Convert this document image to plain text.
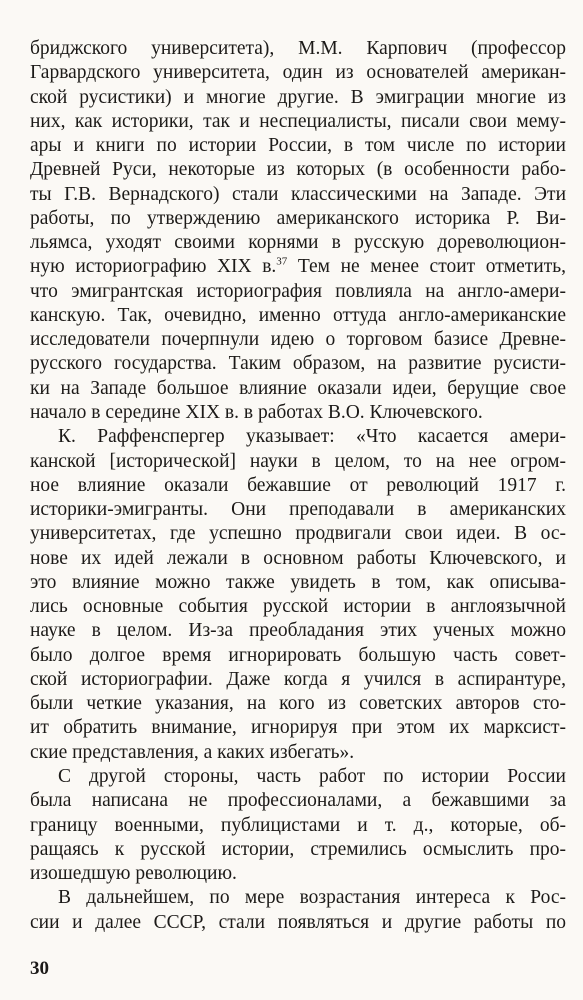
бриджского университета), М.М. Карпович (профессор
Гарвардского университета, один из основателей американ-
ской русистики) и многие другие. В эмиграции многие из
них, как историки, так и неспециалисты, писали свои мему-
ары и книги по истории России, в том числе по истории
Древней Руси, некоторые из которых (в особенности рабо-
ты Г.В. Вернадского) стали классическими на Западе. Эти
работы, по утверждению американского историка Р. Ви-
льямса, уходят своими корнями в русскую дореволюцион-
ную историографию XIX в.$^{37}$ Тем не менее стоит отметить,
что эмигрантская историография повлияла на англо-амери-
канскую. Так, очевидно, именно оттуда англо-американские
исследователи почерпнули идею о торговом базисе Древне-
русского государства. Таким образом, на развитие русисти-
ки на Западе большое влияние оказали идеи, берущие свое
начало в середине XIX в. в работах В.О. Ключевского.
К. Раффенспергер указывает: «Что касается амери-
канской [исторической] науки в целом, то на нее огром-
ное влияние оказали бежавшие от революций 1917 г.
историки-эмигранты. Они преподавали в американских
университетах, где успешно продвигали свои идеи. В ос-
нове их идей лежали в основном работы Ключевского, и
это влияние можно также увидеть в том, как описыва-
лись основные события русской истории в англоязычной
науке в целом. Из-за преобладания этих ученых можно
было долгое время игнорировать большую часть совет-
ской историографии. Даже когда я учился в аспирантуре,
были четкие указания, на кого из советских авторов сто-
ит обратить внимание, игнорируя при этом их марксист-
ские представления, а каких избегать».
С другой стороны, часть работ по истории России
была написана не профессионалами, а бежавшими за
границу военными, публицистами и т. д., которые, об-
ращаясь к русской истории, стремились осмыслить про-
изошедшую революцию.
В дальнейшем, по мере возрастания интереса к Рос-
сии и далее СССР, стали появляться и другие работы по
30
